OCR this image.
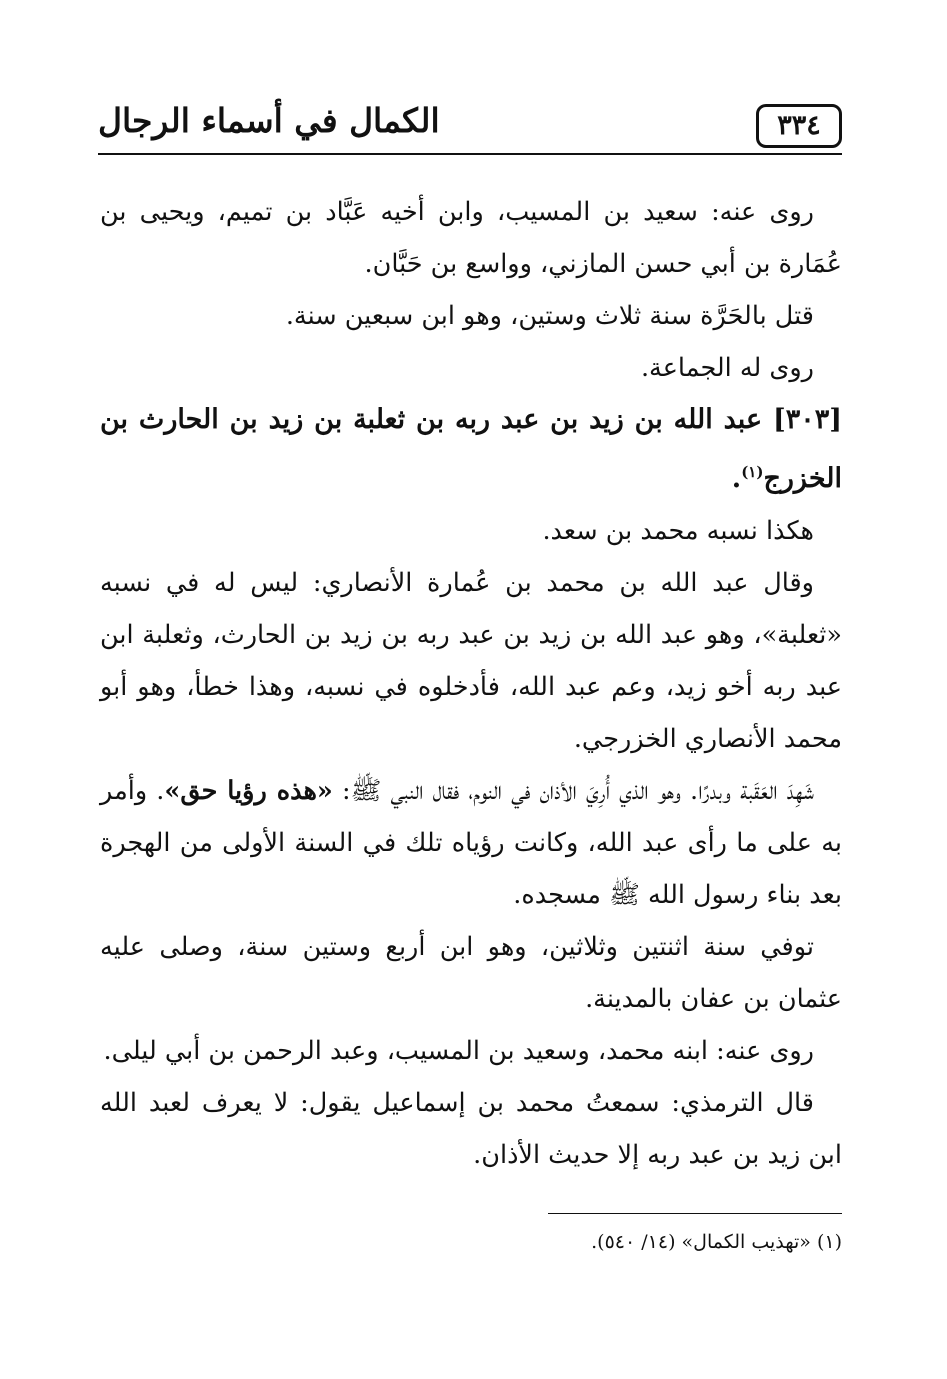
الكمال في أسماء الرجال	٣٣٤

روى عنه: سعيد بن المسيب، وابن أخيه عَبَّاد بن تميم، ويحيى بن عُمَارة بن أبي حسن المازني، وواسع بن حَبَّان.

قتل بالحَرَّة سنة ثلاث وستين، وهو ابن سبعين سنة.

روى له الجماعة.

[٣٠٣] عبد الله بن زيد بن عبد ربه بن ثعلبة بن زيد بن الحارث بن الخزرج$^{(١)}$.

هكذا نسبه محمد بن سعد.

وقال عبد الله بن محمد بن عُمارة الأنصاري: ليس له في نسبه «ثعلبة»، وهو عبد الله بن زيد بن عبد ربه بن زيد بن الحارث، وثعلبة ابن عبد ربه أخو زيد، وعم عبد الله، فأدخلوه في نسبه، وهذا خطأ، وهو أبو محمد الأنصاري الخزرجي.

شَهِدَ العَقَبة وبدرًا. وهو الذي أُرِيَ الأذان في النوم، فقال النبي ﷺ: «هذه رؤيا حق». وأمر به على ما رأى عبد الله، وكانت رؤياه تلك في السنة الأولى من الهجرة بعد بناء رسول الله ﷺ مسجده.

توفي سنة اثنتين وثلاثين، وهو ابن أربع وستين سنة، وصلى عليه عثمان بن عفان بالمدينة.

روى عنه: ابنه محمد، وسعيد بن المسيب، وعبد الرحمن بن أبي ليلى.

قال الترمذي: سمعتُ محمد بن إسماعيل يقول: لا يعرف لعبد الله ابن زيد بن عبد ربه إلا حديث الأذان.

(١) «تهذيب الكمال» (١٤/ ٥٤٠).
